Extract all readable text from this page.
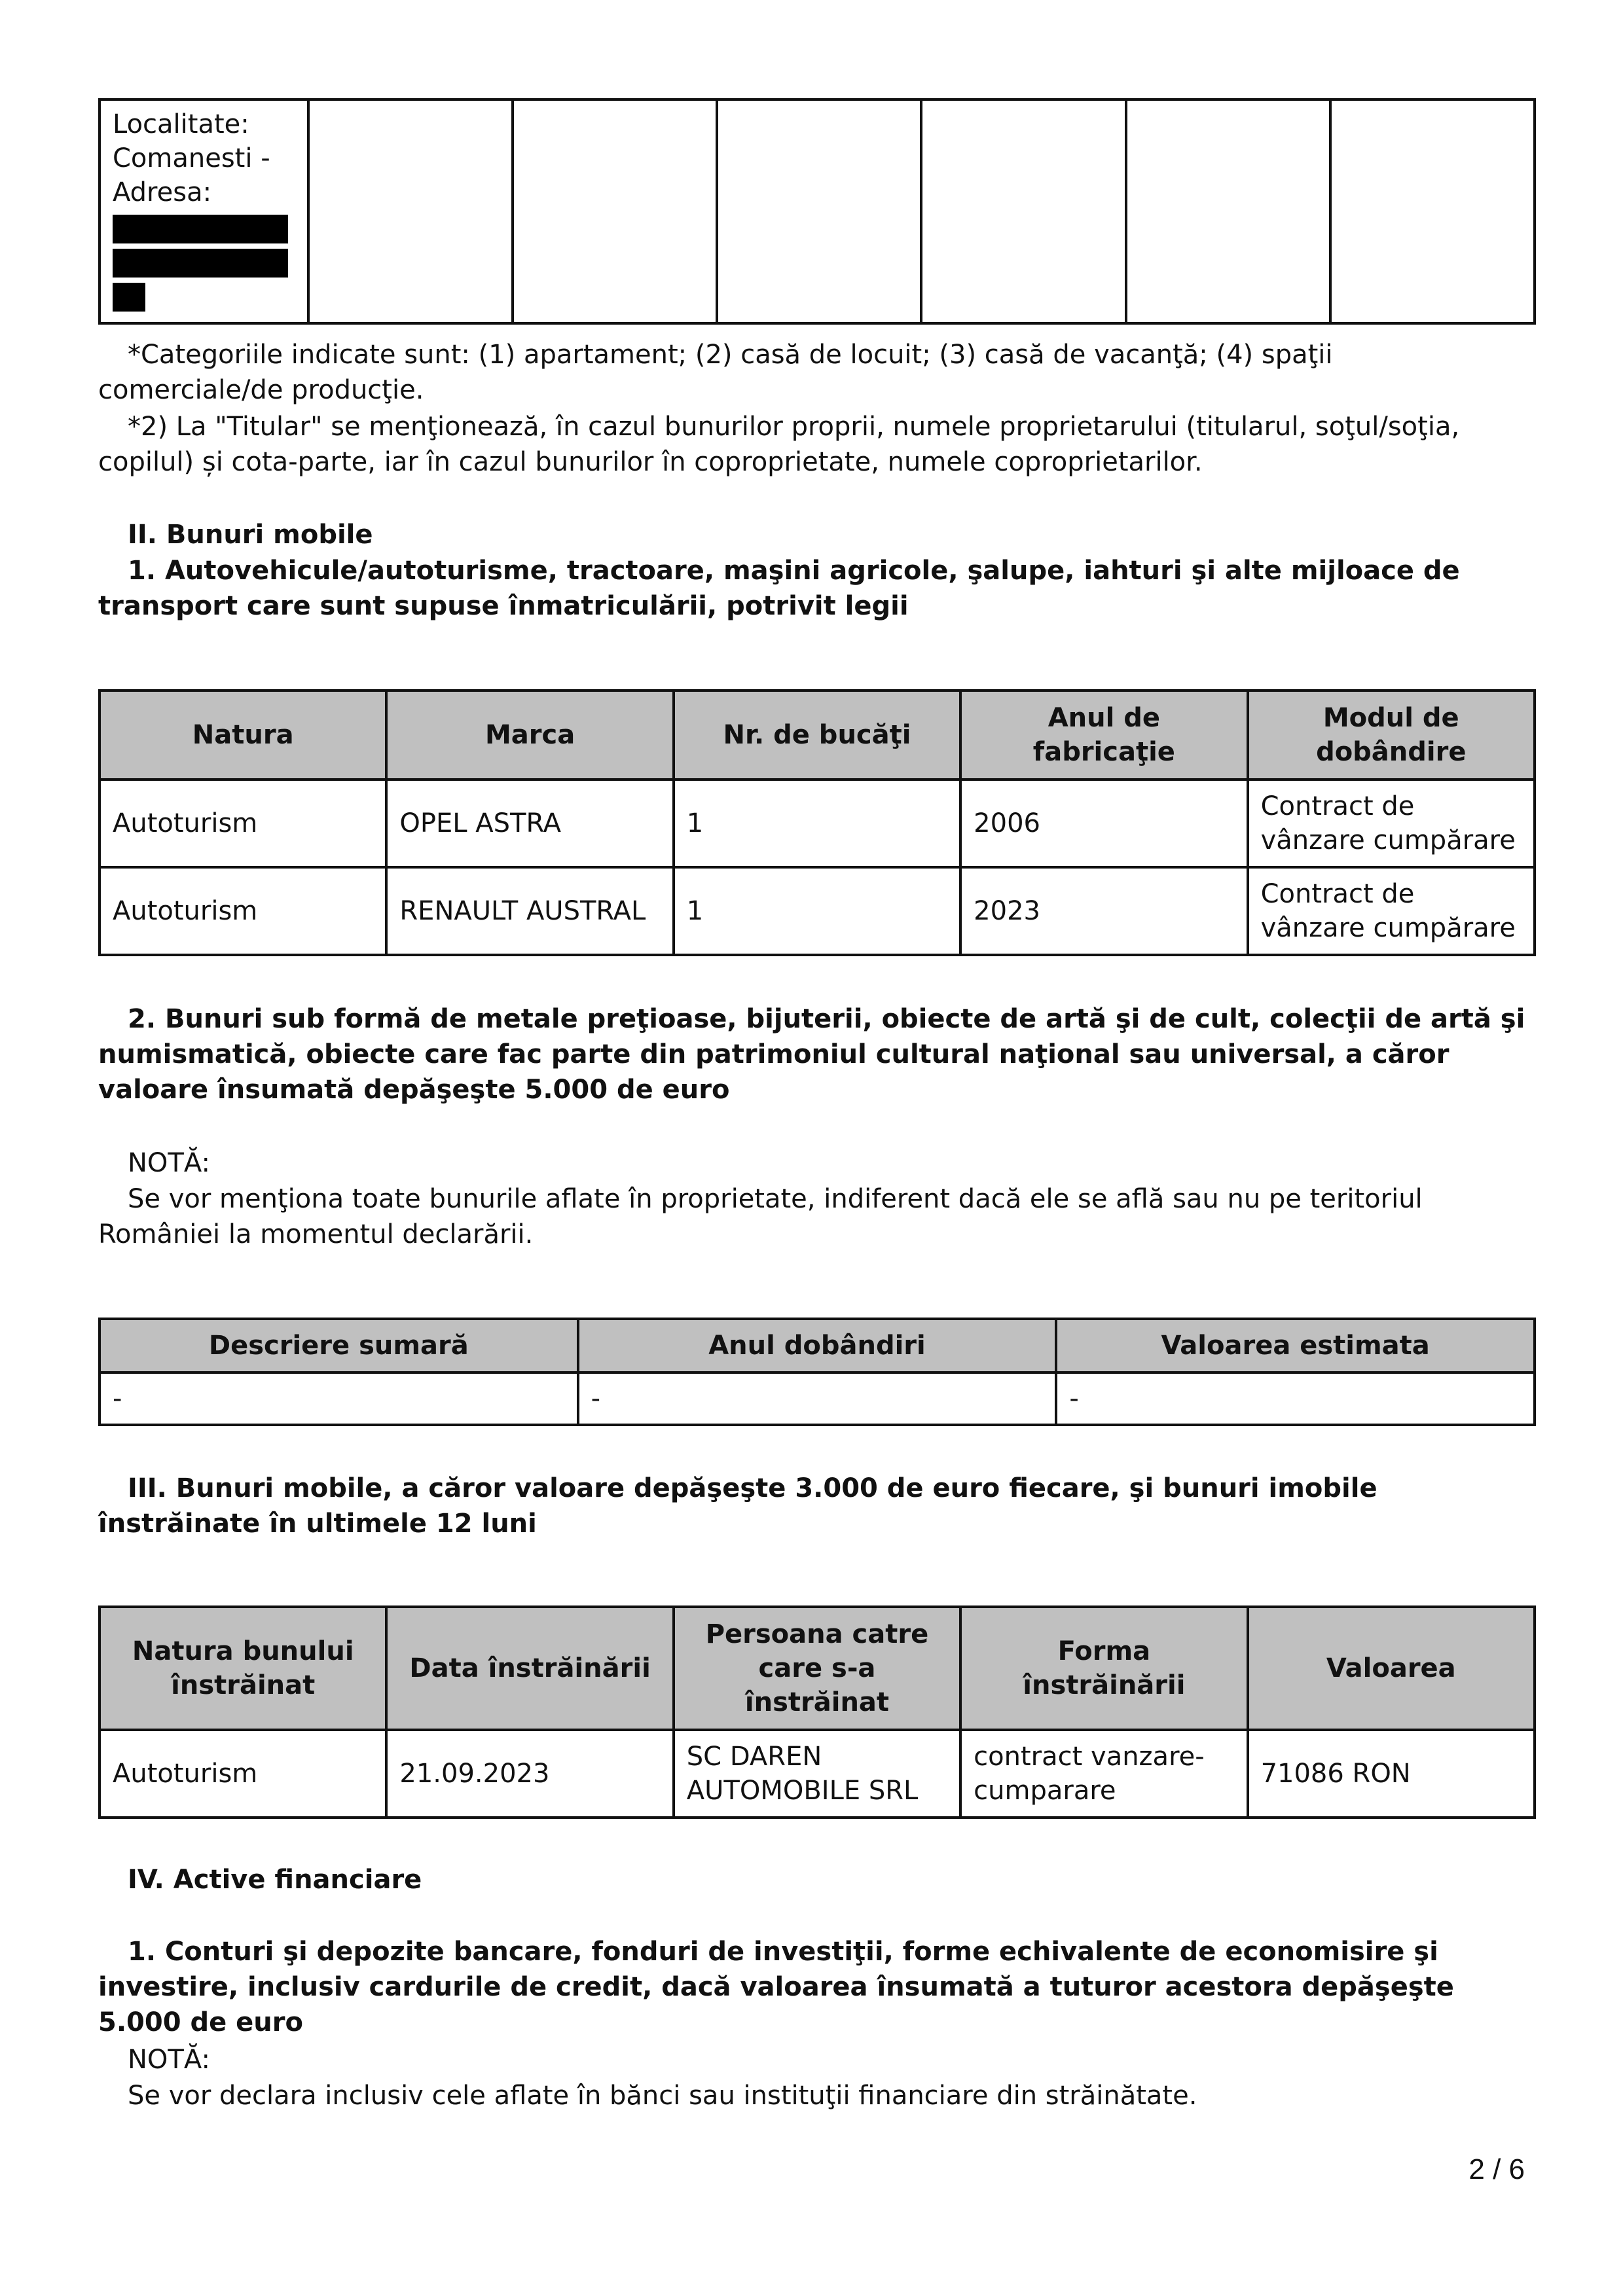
Localitate:
Comanesti -
Adresa:

*Categoriile indicate sunt: (1) apartament; (2) casă de locuit; (3) casă de vacanţă; (4) spaţii comerciale/de producţie.

*2) La "Titular" se menţionează, în cazul bunurilor proprii, numele proprietarului (titularul, soţul/soţia, copilul) și cota-parte, iar în cazul bunurilor în coproprietate, numele coproprietarilor.

II. Bunuri mobile

1. Autovehicule/autoturisme, tractoare, maşini agricole, şalupe, iahturi şi alte mijloace de transport care sunt supuse înmatriculării, potrivit legii

Natura	Marca	Nr. de bucăţi	Anul de fabricaţie	Modul de dobândire
Autoturism	OPEL ASTRA	1	2006	Contract de vânzare cumpărare
Autoturism	RENAULT AUSTRAL	1	2023	Contract de vânzare cumpărare

2. Bunuri sub formă de metale preţioase, bijuterii, obiecte de artă şi de cult, colecţii de artă şi numismatică, obiecte care fac parte din patrimoniul cultural naţional sau universal, a căror valoare însumată depăşeşte 5.000 de euro

NOTĂ:

Se vor menţiona toate bunurile aflate în proprietate, indiferent dacă ele se află sau nu pe teritoriul României la momentul declarării.

Descriere sumară	Anul dobândiri	Valoarea estimata
-	-	-

III. Bunuri mobile, a căror valoare depăşeşte 3.000 de euro fiecare, şi bunuri imobile înstrăinate în ultimele 12 luni

Natura bunului înstrăinat	Data înstrăinării	Persoana catre care s-a înstrăinat	Forma înstrăinării	Valoarea
Autoturism	21.09.2023	SC DAREN AUTOMOBILE SRL	contract vanzare-cumparare	71086 RON

IV. Active financiare

1. Conturi şi depozite bancare, fonduri de investiţii, forme echivalente de economisire şi investire, inclusiv cardurile de credit, dacă valoarea însumată a tuturor acestora depăşeşte 5.000 de euro

NOTĂ:

Se vor declara inclusiv cele aflate în bănci sau instituţii financiare din străinătate.

2 / 6
